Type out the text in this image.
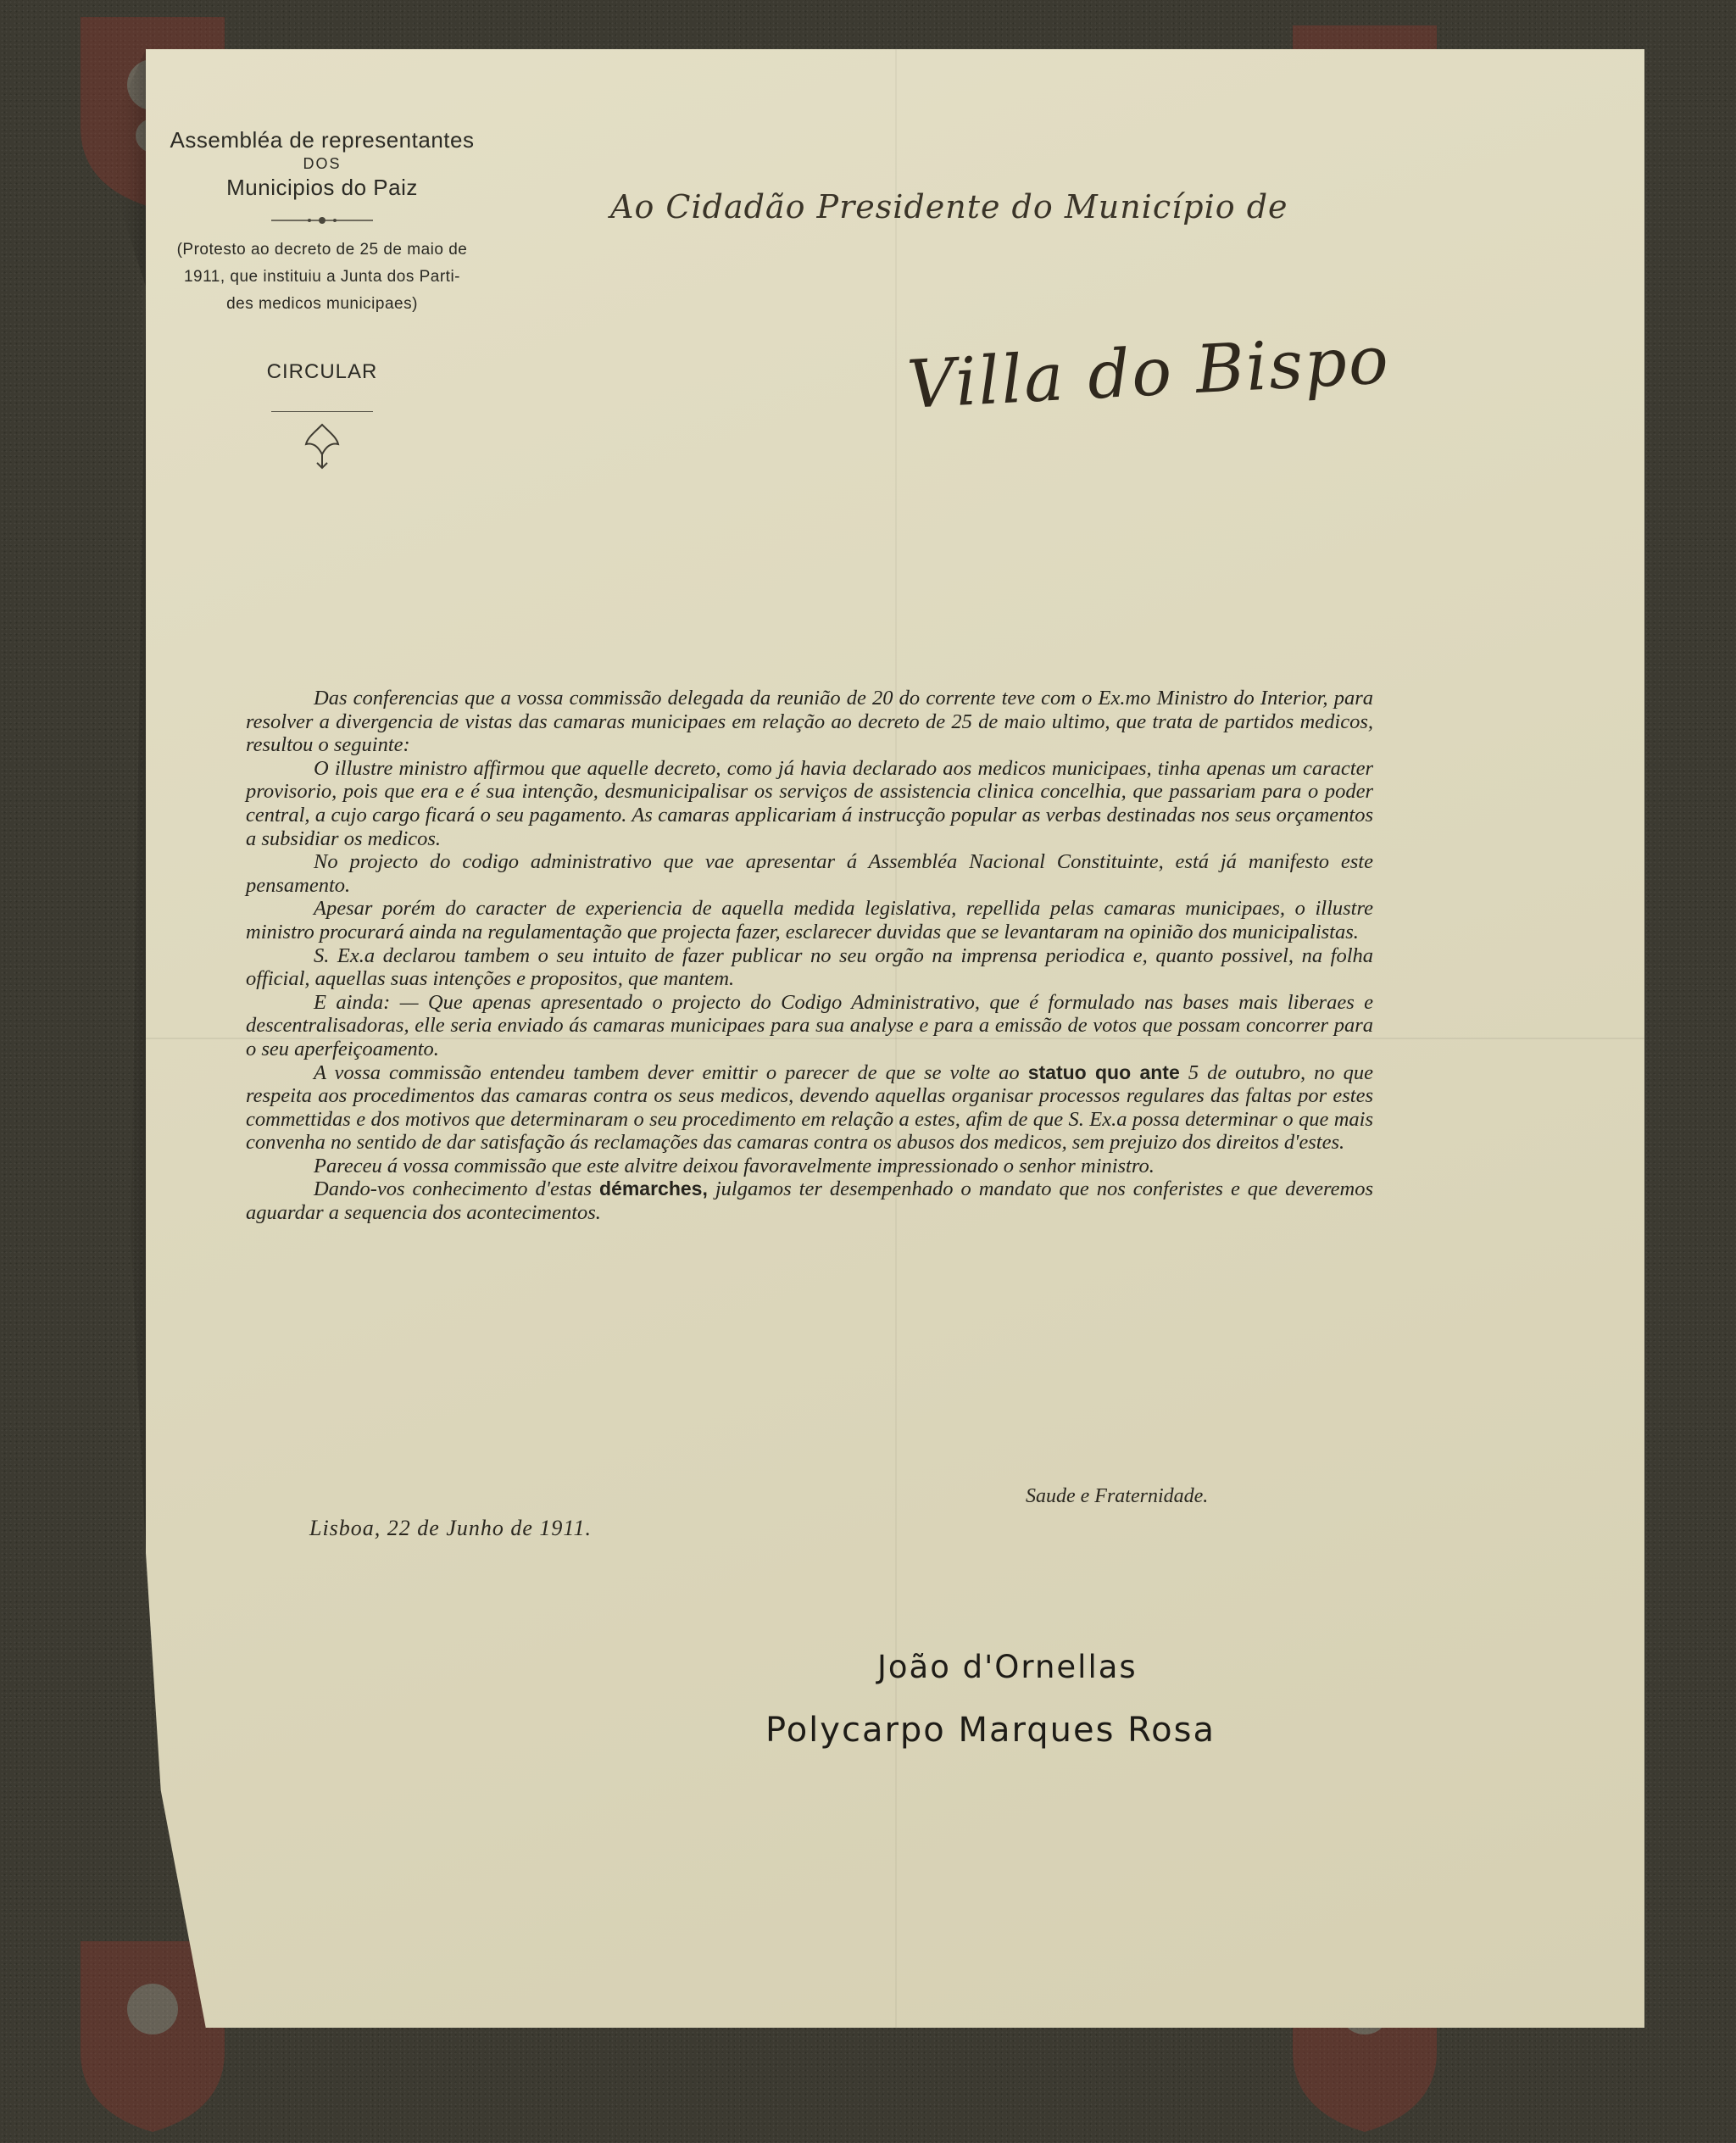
Assembléa de representantes
DOS
Municipios do Paiz
(Protesto ao decreto de 25 de maio de
1911, que instituiu a Junta dos Parti-
des medicos municipaes)
CIRCULAR
Ao Cidadão Presidente do Município de
Villa do Bispo

Das conferencias que a vossa commissão delegada da reunião de 20 do corrente teve com o Ex.mo Ministro do Interior, para resolver a divergencia de vistas das camaras municipaes em relação ao decreto de 25 de maio ultimo, que trata de partidos medicos, resultou o seguinte:

O illustre ministro affirmou que aquelle decreto, como já havia declarado aos medicos municipaes, tinha apenas um caracter provisorio, pois que era e é sua intenção, desmunicipalisar os serviços de assistencia clinica concelhia, que passariam para o poder central, a cujo cargo ficará o seu pagamento. As camaras applicariam á instrucção popular as verbas destinadas nos seus orçamentos a subsidiar os medicos.

No projecto do codigo administrativo que vae apresentar á Assembléa Nacional Constituinte, está já manifesto este pensamento.

Apesar porém do caracter de experiencia de aquella medida legislativa, repellida pelas camaras municipaes, o illustre ministro procurará ainda na regulamentação que projecta fazer, esclarecer duvidas que se levantaram na opinião dos municipalistas.

S. Ex.a declarou tambem o seu intuito de fazer publicar no seu orgão na imprensa periodica e, quanto possivel, na folha official, aquellas suas intenções e propositos, que mantem.

E ainda: — Que apenas apresentado o projecto do Codigo Administrativo, que é formulado nas bases mais liberaes e descentralisadoras, elle seria enviado ás camaras municipaes para sua analyse e para a emissão de votos que possam concorrer para o seu aperfeiçoamento.

A vossa commissão entendeu tambem dever emittir o parecer de que se volte ao statuo quo ante 5 de outubro, no que respeita aos procedimentos das camaras contra os seus medicos, devendo aquellas organisar processos regulares das faltas por estes commettidas e dos motivos que determinaram o seu procedimento em relação a estes, afim de que S. Ex.a possa determinar o que mais convenha no sentido de dar satisfação ás reclamações das camaras contra os abusos dos medicos, sem prejuizo dos direitos d'estes.

Pareceu á vossa commissão que este alvitre deixou favoravelmente impressionado o senhor ministro.

Dando-vos conhecimento d'estas démarches, julgamos ter desempenhado o mandato que nos conferistes e que deveremos aguardar a sequencia dos acontecimentos.

Saude e Fraternidade.
Lisboa, 22 de Junho de 1911.
João d'Ornellas
Polycarpo Marques Rosa
